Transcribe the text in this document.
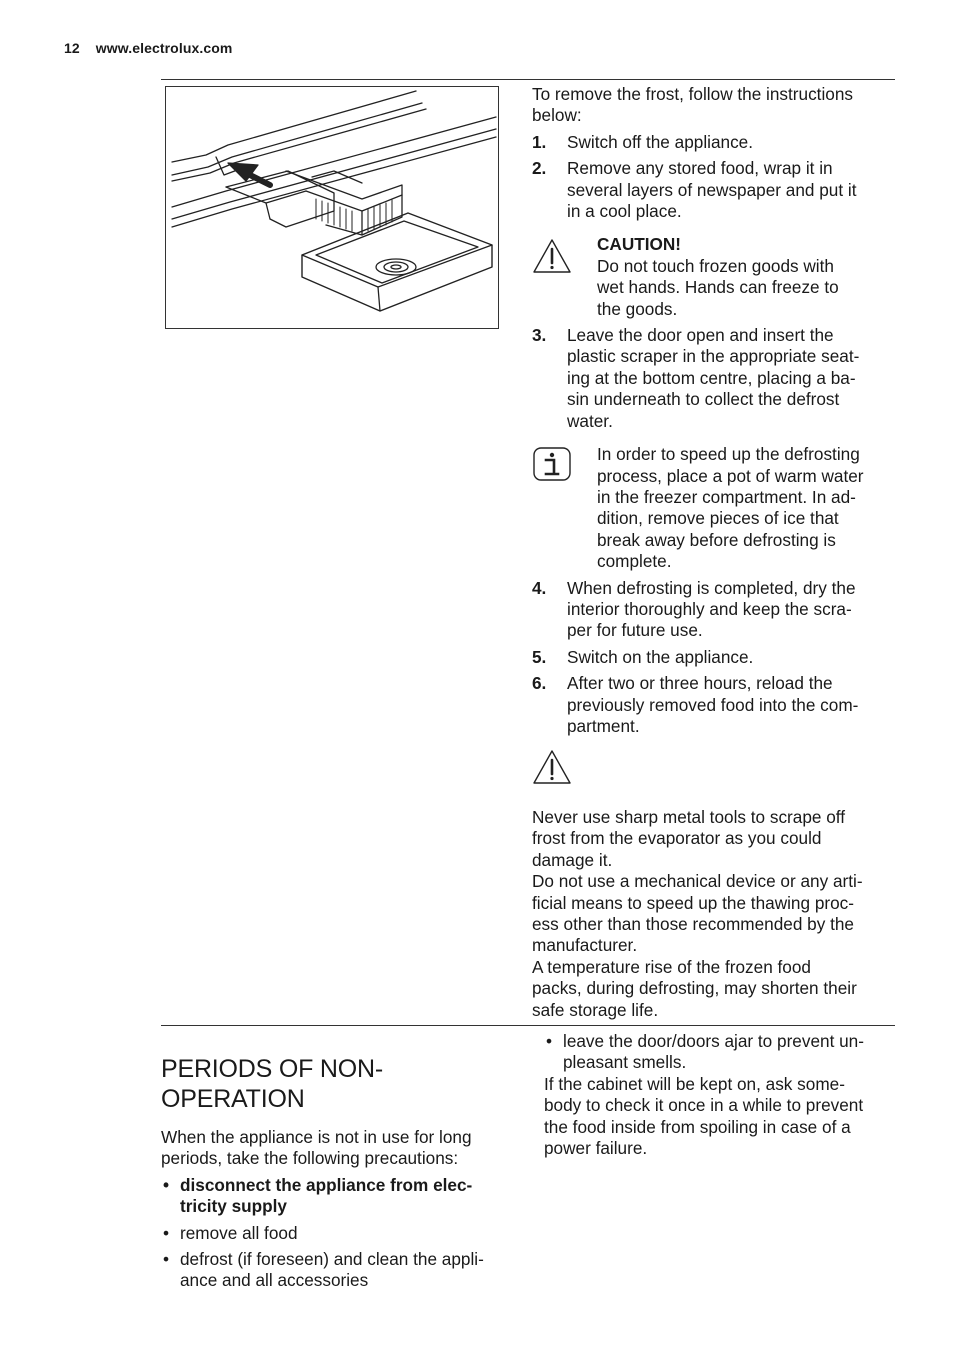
12 www.electrolux.com

To remove the frost, follow the instructions
below:

1. Switch off the appliance.
2. Remove any stored food, wrap it in
several layers of newspaper and put it
in a cool place.
CAUTION!
Do not touch frozen goods with
wet hands. Hands can freeze to
the goods.
3. Leave the door open and insert the
plastic scraper in the appropriate seat-
ing at the bottom centre, placing a ba-
sin underneath to collect the defrost
water.
In order to speed up the defrosting
process, place a pot of warm water
in the freezer compartment. In ad-
dition, remove pieces of ice that
break away before defrosting is
complete.
4. When defrosting is completed, dry the
interior thoroughly and keep the scra-
per for future use.
5. Switch on the appliance.
6. After two or three hours, reload the
previously removed food into the com-
partment.
Never use sharp metal tools to scrape off
frost from the evaporator as you could
damage it.
Do not use a mechanical device or any arti-
ficial means to speed up the thawing proc-
ess other than those recommended by the
manufacturer.
A temperature rise of the frozen food
packs, during defrosting, may shorten their
safe storage life.
PERIODS OF NON-OPERATION

When the appliance is not in use for long
periods, take the following precautions:

• disconnect the appliance from elec-
tricity supply
• remove all food
• defrost (if foreseen) and clean the appli-
ance and all accessories
• leave the door/doors ajar to prevent un-
pleasant smells.

If the cabinet will be kept on, ask some-
body to check it once in a while to prevent
the food inside from spoiling in case of a
power failure.
